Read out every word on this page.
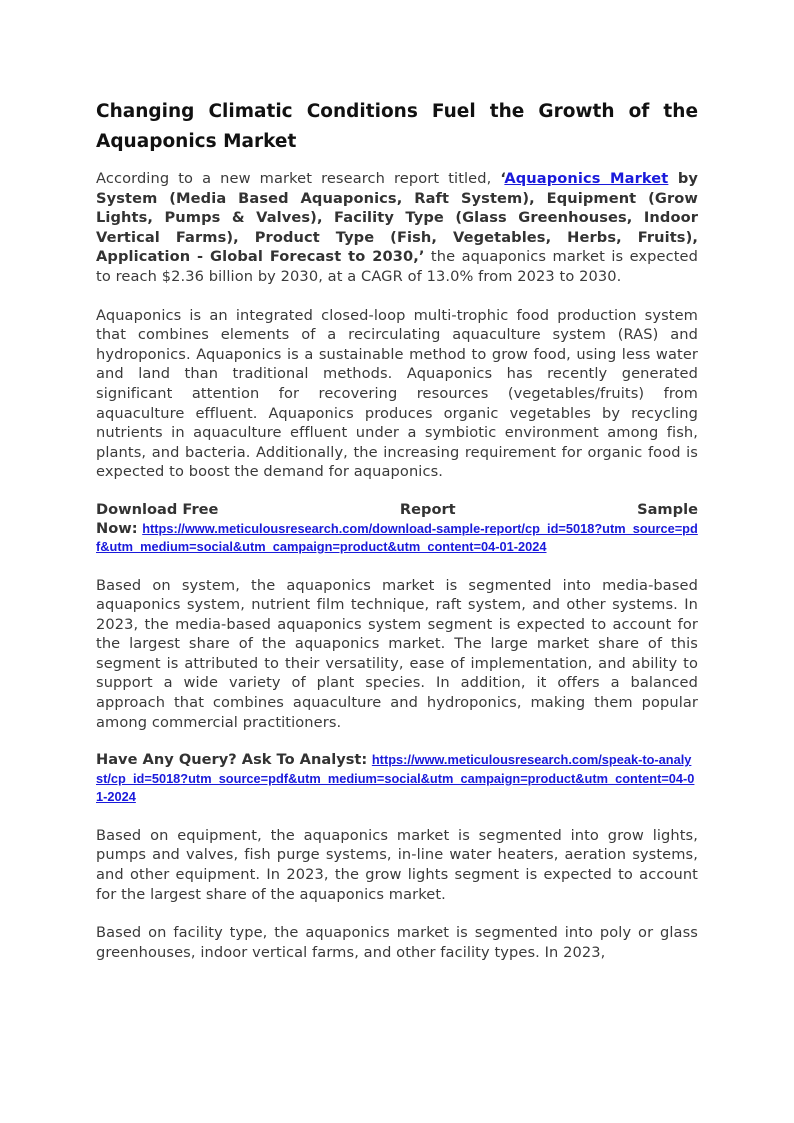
Changing Climatic Conditions Fuel the Growth of the Aquaponics Market

According to a new market research report titled, ‘Aquaponics Market by System (Media Based Aquaponics, Raft System), Equipment (Grow Lights, Pumps & Valves), Facility Type (Glass Greenhouses, Indoor Vertical Farms), Product Type (Fish, Vegetables, Herbs, Fruits), Application - Global Forecast to 2030,’ the aquaponics market is expected to reach $2.36 billion by 2030, at a CAGR of 13.0% from 2023 to 2030.

Aquaponics is an integrated closed-loop multi-trophic food production system that combines elements of a recirculating aquaculture system (RAS) and hydroponics. Aquaponics is a sustainable method to grow food, using less water and land than traditional methods. Aquaponics has recently generated significant attention for recovering resources (vegetables/fruits) from aquaculture effluent. Aquaponics produces organic vegetables by recycling nutrients in aquaculture effluent under a symbiotic environment among fish, plants, and bacteria. Additionally, the increasing requirement for organic food is expected to boost the demand for aquaponics.

Download Free	Report	Sample
Now: https://www.meticulousresearch.com/download-sample-report/cp_id=5018?utm_source=pdf&utm_medium=social&utm_campaign=product&utm_content=04-01-2024

Based on system, the aquaponics market is segmented into media-based aquaponics system, nutrient film technique, raft system, and other systems. In 2023, the media-based aquaponics system segment is expected to account for the largest share of the aquaponics market. The large market share of this segment is attributed to their versatility, ease of implementation, and ability to support a wide variety of plant species. In addition, it offers a balanced approach that combines aquaculture and hydroponics, making them popular among commercial practitioners.

Have Any Query? Ask To Analyst: https://www.meticulousresearch.com/speak-to-analyst/cp_id=5018?utm_source=pdf&utm_medium=social&utm_campaign=product&utm_content=04-01-2024

Based on equipment, the aquaponics market is segmented into grow lights, pumps and valves, fish purge systems, in-line water heaters, aeration systems, and other equipment. In 2023, the grow lights segment is expected to account for the largest share of the aquaponics market.

Based on facility type, the aquaponics market is segmented into poly or glass greenhouses, indoor vertical farms, and other facility types. In 2023,
